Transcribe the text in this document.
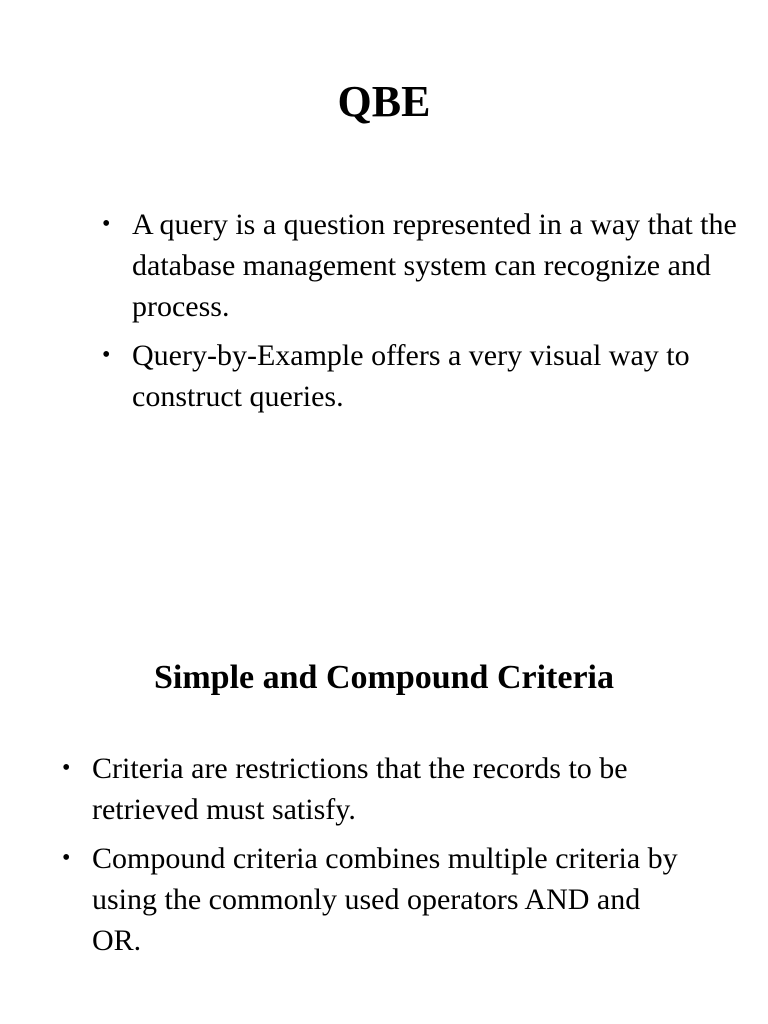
QBE
• A query is a question represented in a way that the database management system can recognize and process.
• Query-by-Example offers a very visual way to construct queries.
Simple and Compound Criteria
• Criteria are restrictions that the records to be retrieved must satisfy.
• Compound criteria combines multiple criteria by using the commonly used operators AND and OR.
